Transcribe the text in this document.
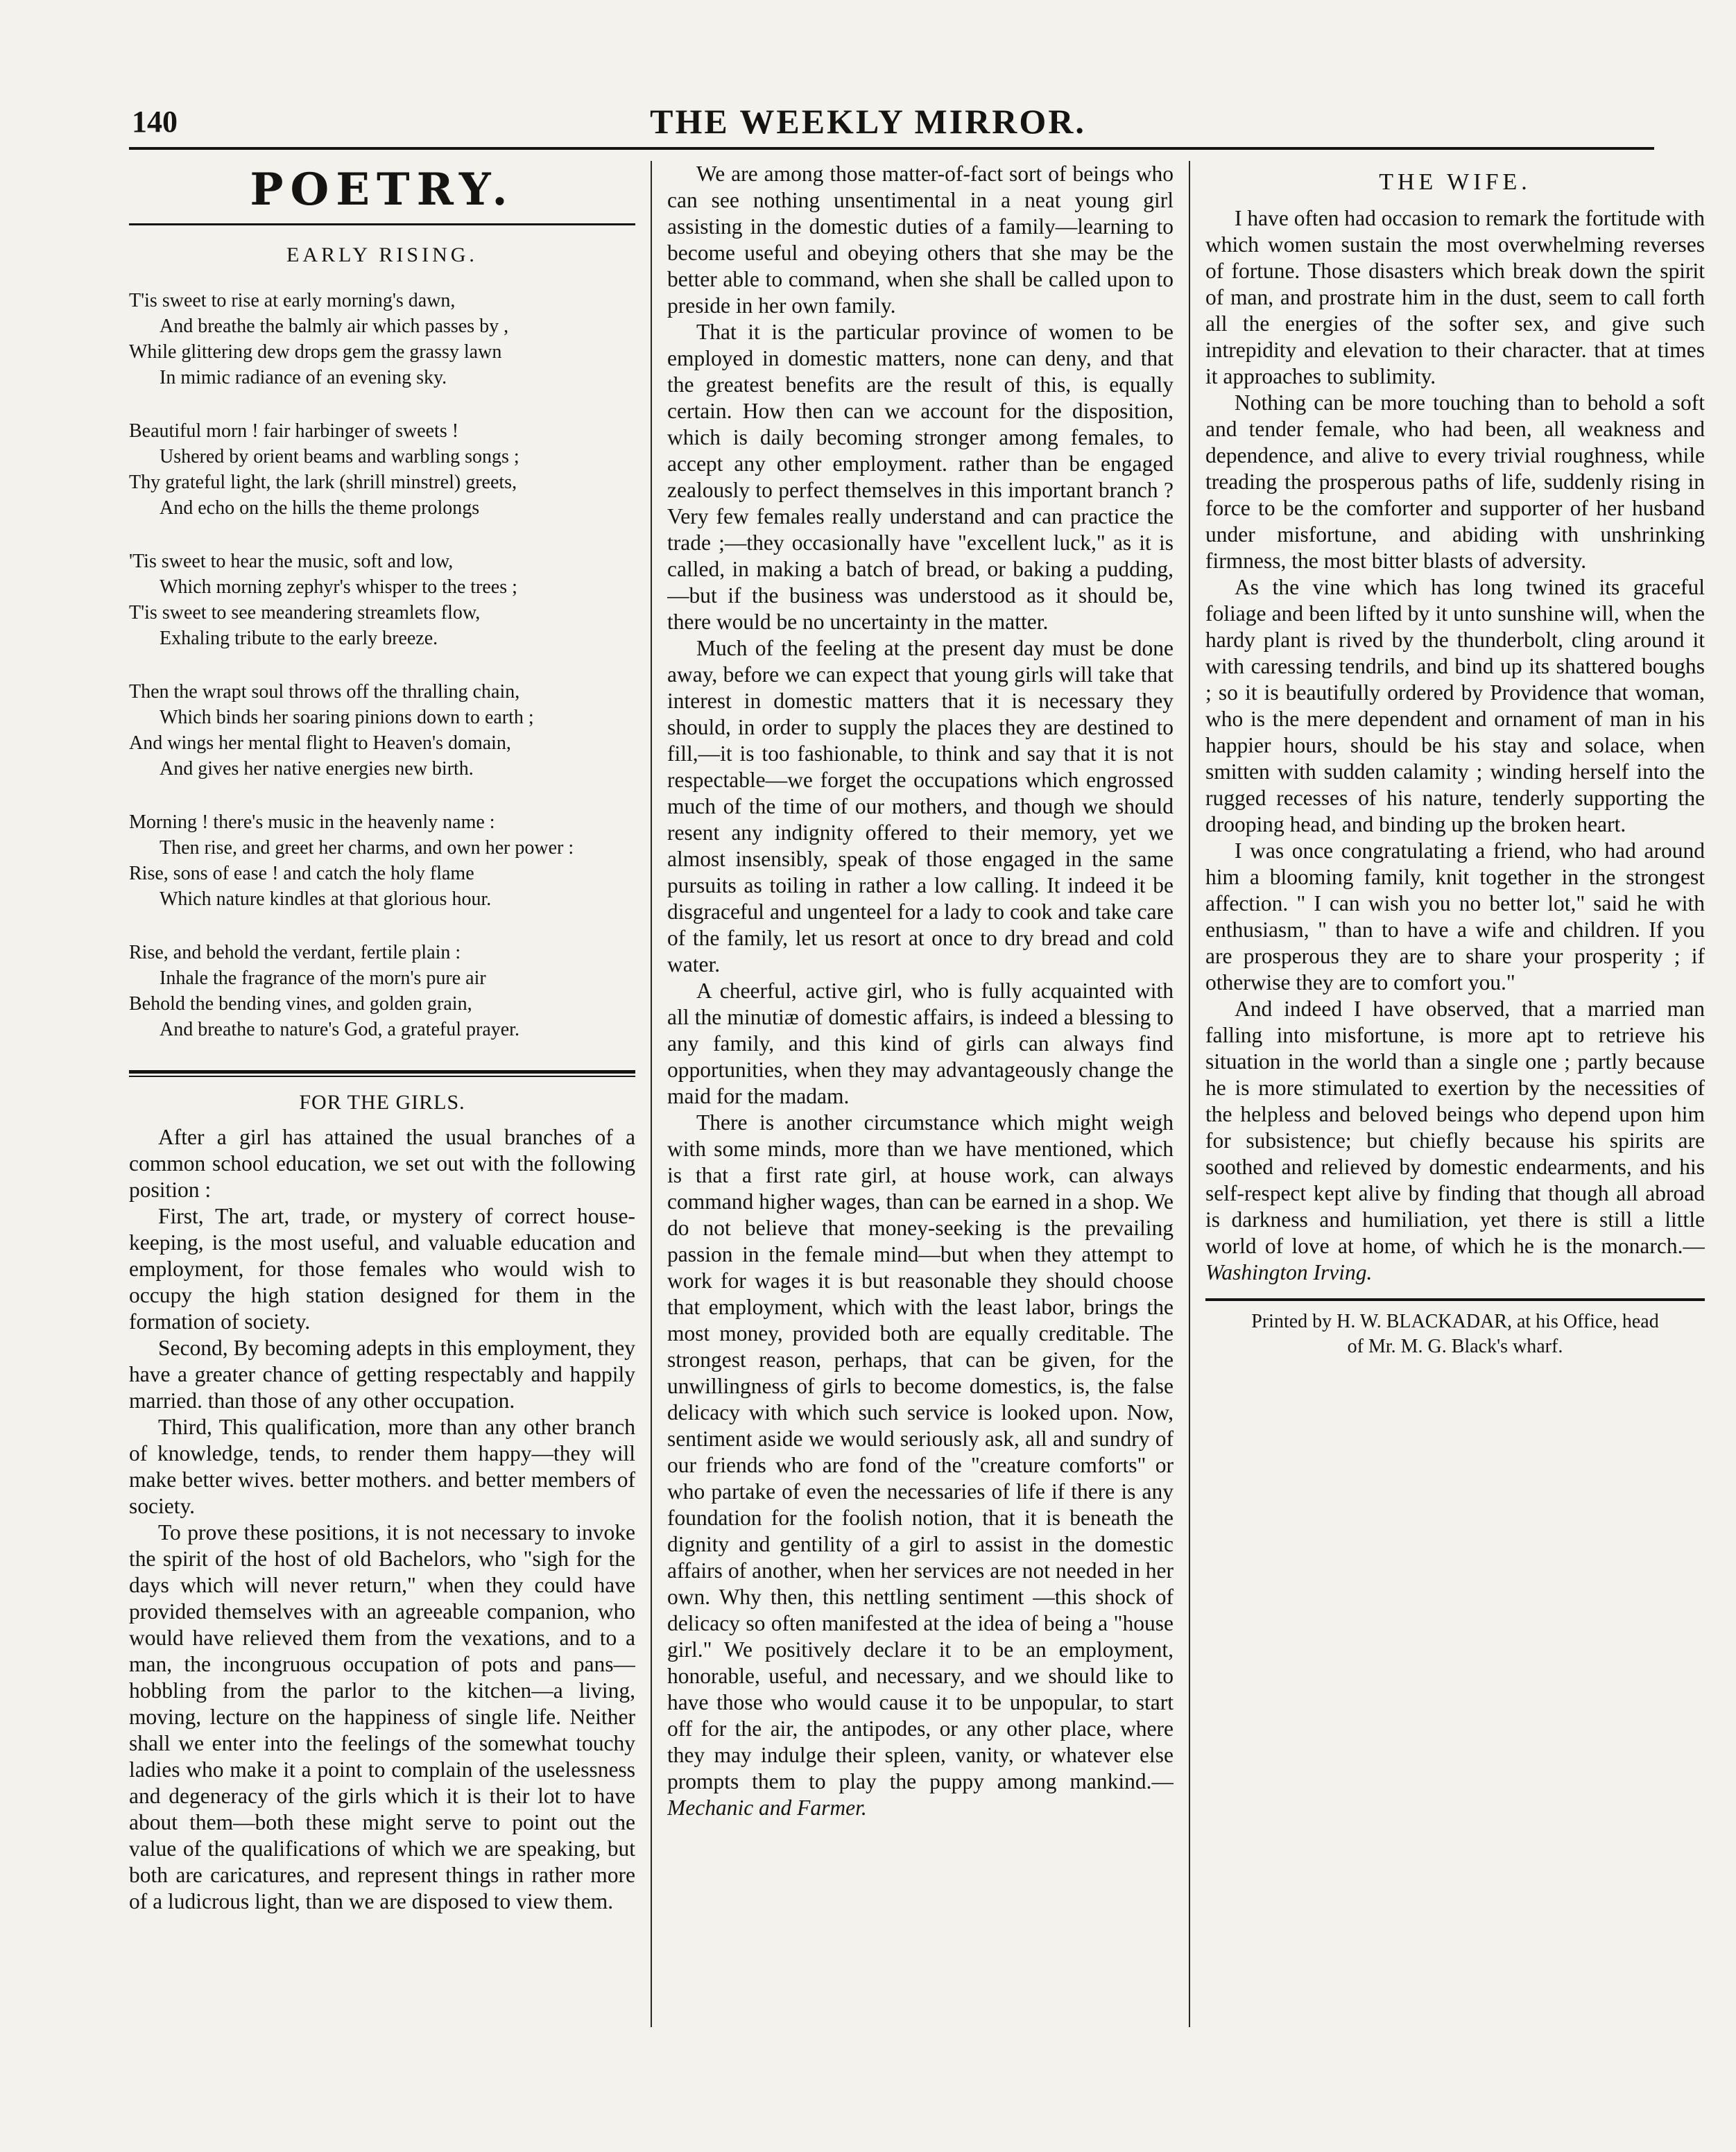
140	THE WEEKLY MIRROR.
POETRY.
EARLY RISING.
T'is sweet to rise at early morning's dawn,
And breathe the balmly air which passes by ,
While glittering dew drops gem the grassy lawn
In mimic radiance of an evening sky.
Beautiful morn ! fair harbinger of sweets !
Ushered by orient beams and warbling songs ;
Thy grateful light, the lark (shrill minstrel) greets,
And echo on the hills the theme prolongs
'Tis sweet to hear the music, soft and low,
Which morning zephyr's whisper to the trees ;
T'is sweet to see meandering streamlets flow,
Exhaling tribute to the early breeze.
Then the wrapt soul throws off the thralling chain,
Which binds her soaring pinions down to earth ;
And wings her mental flight to Heaven's domain,
And gives her native energies new birth.
Morning ! there's music in the heavenly name :
Then rise, and greet her charms, and own her power :
Rise, sons of ease ! and catch the holy flame
Which nature kindles at that glorious hour.
Rise, and behold the verdant, fertile plain :
Inhale the fragrance of the morn's pure air
Behold the bending vines, and golden grain,
And breathe to nature's God, a grateful prayer.
FOR THE GIRLS.

After a girl has attained the usual branches of a common school education, we set out with the following position :

First, The art, trade, or mystery of correct house-keeping, is the most useful, and valuable education and employment, for those females who would wish to occupy the high station designed for them in the formation of society.

Second, By becoming adepts in this employment, they have a greater chance of getting respectably and happily married. than those of any other occupation.

Third, This qualification, more than any other branch of knowledge, tends, to render them happy—they will make better wives. better mothers. and better members of society.

To prove these positions, it is not necessary to invoke the spirit of the host of old Bachelors, who "sigh for the days which will never return," when they could have provided themselves with an agreeable companion, who would have relieved them from the vexations, and to a man, the incongruous occupation of pots and pans—hobbling from the parlor to the kitchen—a living, moving, lecture on the happiness of single life. Neither shall we enter into the feelings of the somewhat touchy ladies who make it a point to complain of the uselessness and degeneracy of the girls which it is their lot to have about them—both these might serve to point out the value of the qualifications of which we are speaking, but both are caricatures, and represent things in rather more of a ludicrous light, than we are disposed to view them.

We are among those matter-of-fact sort of beings who can see nothing unsentimental in a neat young girl assisting in the domestic duties of a family—learning to become useful and obeying others that she may be the better able to command, when she shall be called upon to preside in her own family.

That it is the particular province of women to be employed in domestic matters, none can deny, and that the greatest benefits are the result of this, is equally certain. How then can we account for the disposition, which is daily becoming stronger among females, to accept any other employment. rather than be engaged zealously to perfect themselves in this important branch ? Very few females really understand and can practice the trade ;—they occasionally have "excellent luck," as it is called, in making a batch of bread, or baking a pudding,—but if the business was understood as it should be, there would be no uncertainty in the matter.

Much of the feeling at the present day must be done away, before we can expect that young girls will take that interest in domestic matters that it is necessary they should, in order to supply the places they are destined to fill,—it is too fashionable, to think and say that it is not respectable—we forget the occupations which engrossed much of the time of our mothers, and though we should resent any indignity offered to their memory, yet we almost insensibly, speak of those engaged in the same pursuits as toiling in rather a low calling. It indeed it be disgraceful and ungenteel for a lady to cook and take care of the family, let us resort at once to dry bread and cold water.

A cheerful, active girl, who is fully acquainted with all the minutiæ of domestic affairs, is indeed a blessing to any family, and this kind of girls can always find opportunities, when they may advantageously change the maid for the madam.

There is another circumstance which might weigh with some minds, more than we have mentioned, which is that a first rate girl, at house work, can always command higher wages, than can be earned in a shop. We do not believe that money-seeking is the prevailing passion in the female mind—but when they attempt to work for wages it is but reasonable they should choose that employment, which with the least labor, brings the most money, provided both are equally creditable. The strongest reason, perhaps, that can be given, for the unwillingness of girls to become domestics, is, the false delicacy with which such service is looked upon. Now, sentiment aside we would seriously ask, all and sundry of our friends who are fond of the "creature comforts" or who partake of even the necessaries of life if there is any foundation for the foolish notion, that it is beneath the dignity and gentility of a girl to assist in the domestic affairs of another, when her services are not needed in her own. Why then, this nettling sentiment —this shock of delicacy so often manifested at the idea of being a "house girl." We positively declare it to be an employment, honorable, useful, and necessary, and we should like to have those who would cause it to be unpopular, to start off for the air, the antipodes, or any other place, where they may indulge their spleen, vanity, or whatever else prompts them to play the puppy among mankind.—Mechanic and Farmer.

THE WIFE.

I have often had occasion to remark the fortitude with which women sustain the most overwhelming reverses of fortune. Those disasters which break down the spirit of man, and prostrate him in the dust, seem to call forth all the energies of the softer sex, and give such intrepidity and elevation to their character. that at times it approaches to sublimity.

Nothing can be more touching than to behold a soft and tender female, who had been, all weakness and dependence, and alive to every trivial roughness, while treading the prosperous paths of life, suddenly rising in force to be the comforter and supporter of her husband under misfortune, and abiding with unshrinking firmness, the most bitter blasts of adversity.

As the vine which has long twined its graceful foliage and been lifted by it unto sunshine will, when the hardy plant is rived by the thunderbolt, cling around it with caressing tendrils, and bind up its shattered boughs ; so it is beautifully ordered by Providence that woman, who is the mere dependent and ornament of man in his happier hours, should be his stay and solace, when smitten with sudden calamity ; winding herself into the rugged recesses of his nature, tenderly supporting the drooping head, and binding up the broken heart.

I was once congratulating a friend, who had around him a blooming family, knit together in the strongest affection. " I can wish you no better lot," said he with enthusiasm, " than to have a wife and children. If you are prosperous they are to share your prosperity ; if otherwise they are to comfort you."

And indeed I have observed, that a married man falling into misfortune, is more apt to retrieve his situation in the world than a single one ; partly because he is more stimulated to exertion by the necessities of the helpless and beloved beings who depend upon him for subsistence; but chiefly because his spirits are soothed and relieved by domestic endearments, and his self-respect kept alive by finding that though all abroad is darkness and humiliation, yet there is still a little world of love at home, of which he is the monarch.—Washington Irving.

Printed by H. W. BLACKADAR, at his Office, head
of Mr. M. G. Black's wharf.
